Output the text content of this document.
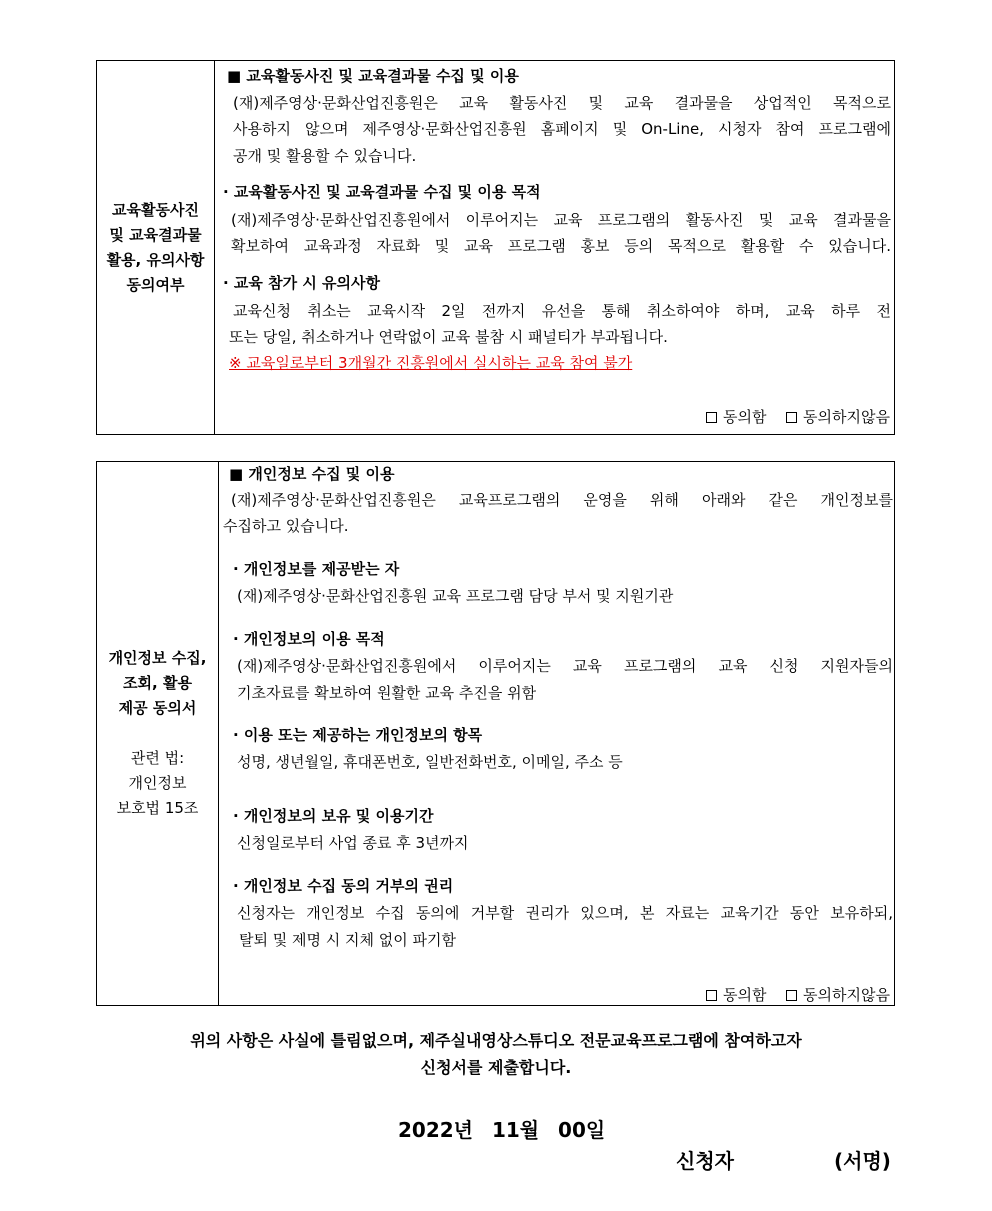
교육활동사진
및 교육결과물
활용, 유의사항
동의여부
■ 교육활동사진 및 교육결과물 수집 및 이용
(재)제주영상·문화산업진흥원은 교육 활동사진 및 교육 결과물을 상업적인 목적으로
사용하지 않으며 제주영상·문화산업진흥원 홈페이지 및 On-Line, 시청자 참여 프로그램에
공개 및 활용할 수 있습니다.
· 교육활동사진 및 교육결과물 수집 및 이용 목적
(재)제주영상·문화산업진흥원에서 이루어지는 교육 프로그램의 활동사진 및 교육 결과물을
확보하여 교육과정 자료화 및 교육 프로그램 홍보 등의 목적으로 활용할 수 있습니다.
· 교육 참가 시 유의사항
교육신청 취소는 교육시작 2일 전까지 유선을 통해 취소하여야 하며, 교육 하루 전
또는 당일, 취소하거나 연락없이 교육 불참 시 패널티가 부과됩니다.
※ 교육일로부터 3개월간 진흥원에서 실시하는 교육 참여 불가
동의함 동의하지않음
개인정보 수집,
조회, 활용
제공 동의서
관련 법:
개인정보
보호법 15조
■ 개인정보 수집 및 이용
(재)제주영상·문화산업진흥원은 교육프로그램의 운영을 위해 아래와 같은 개인정보를
수집하고 있습니다.
· 개인정보를 제공받는 자
(재)제주영상·문화산업진흥원 교육 프로그램 담당 부서 및 지원기관
· 개인정보의 이용 목적
(재)제주영상·문화산업진흥원에서 이루어지는 교육 프로그램의 교육 신청 지원자들의
기초자료를 확보하여 원활한 교육 추진을 위함
· 이용 또는 제공하는 개인정보의 항목
성명, 생년월일, 휴대폰번호, 일반전화번호, 이메일, 주소 등
· 개인정보의 보유 및 이용기간
신청일로부터 사업 종료 후 3년까지
· 개인정보 수집 동의 거부의 권리
신청자는 개인정보 수집 동의에 거부할 권리가 있으며, 본 자료는 교육기간 동안 보유하되,
탈퇴 및 제명 시 지체 없이 파기함
동의함 동의하지않음
위의 사항은 사실에 틀림없으며, 제주실내영상스튜디오 전문교육프로그램에 참여하고자
신청서를 제출합니다.
2022년 11월 00일
신청자	(서명)
